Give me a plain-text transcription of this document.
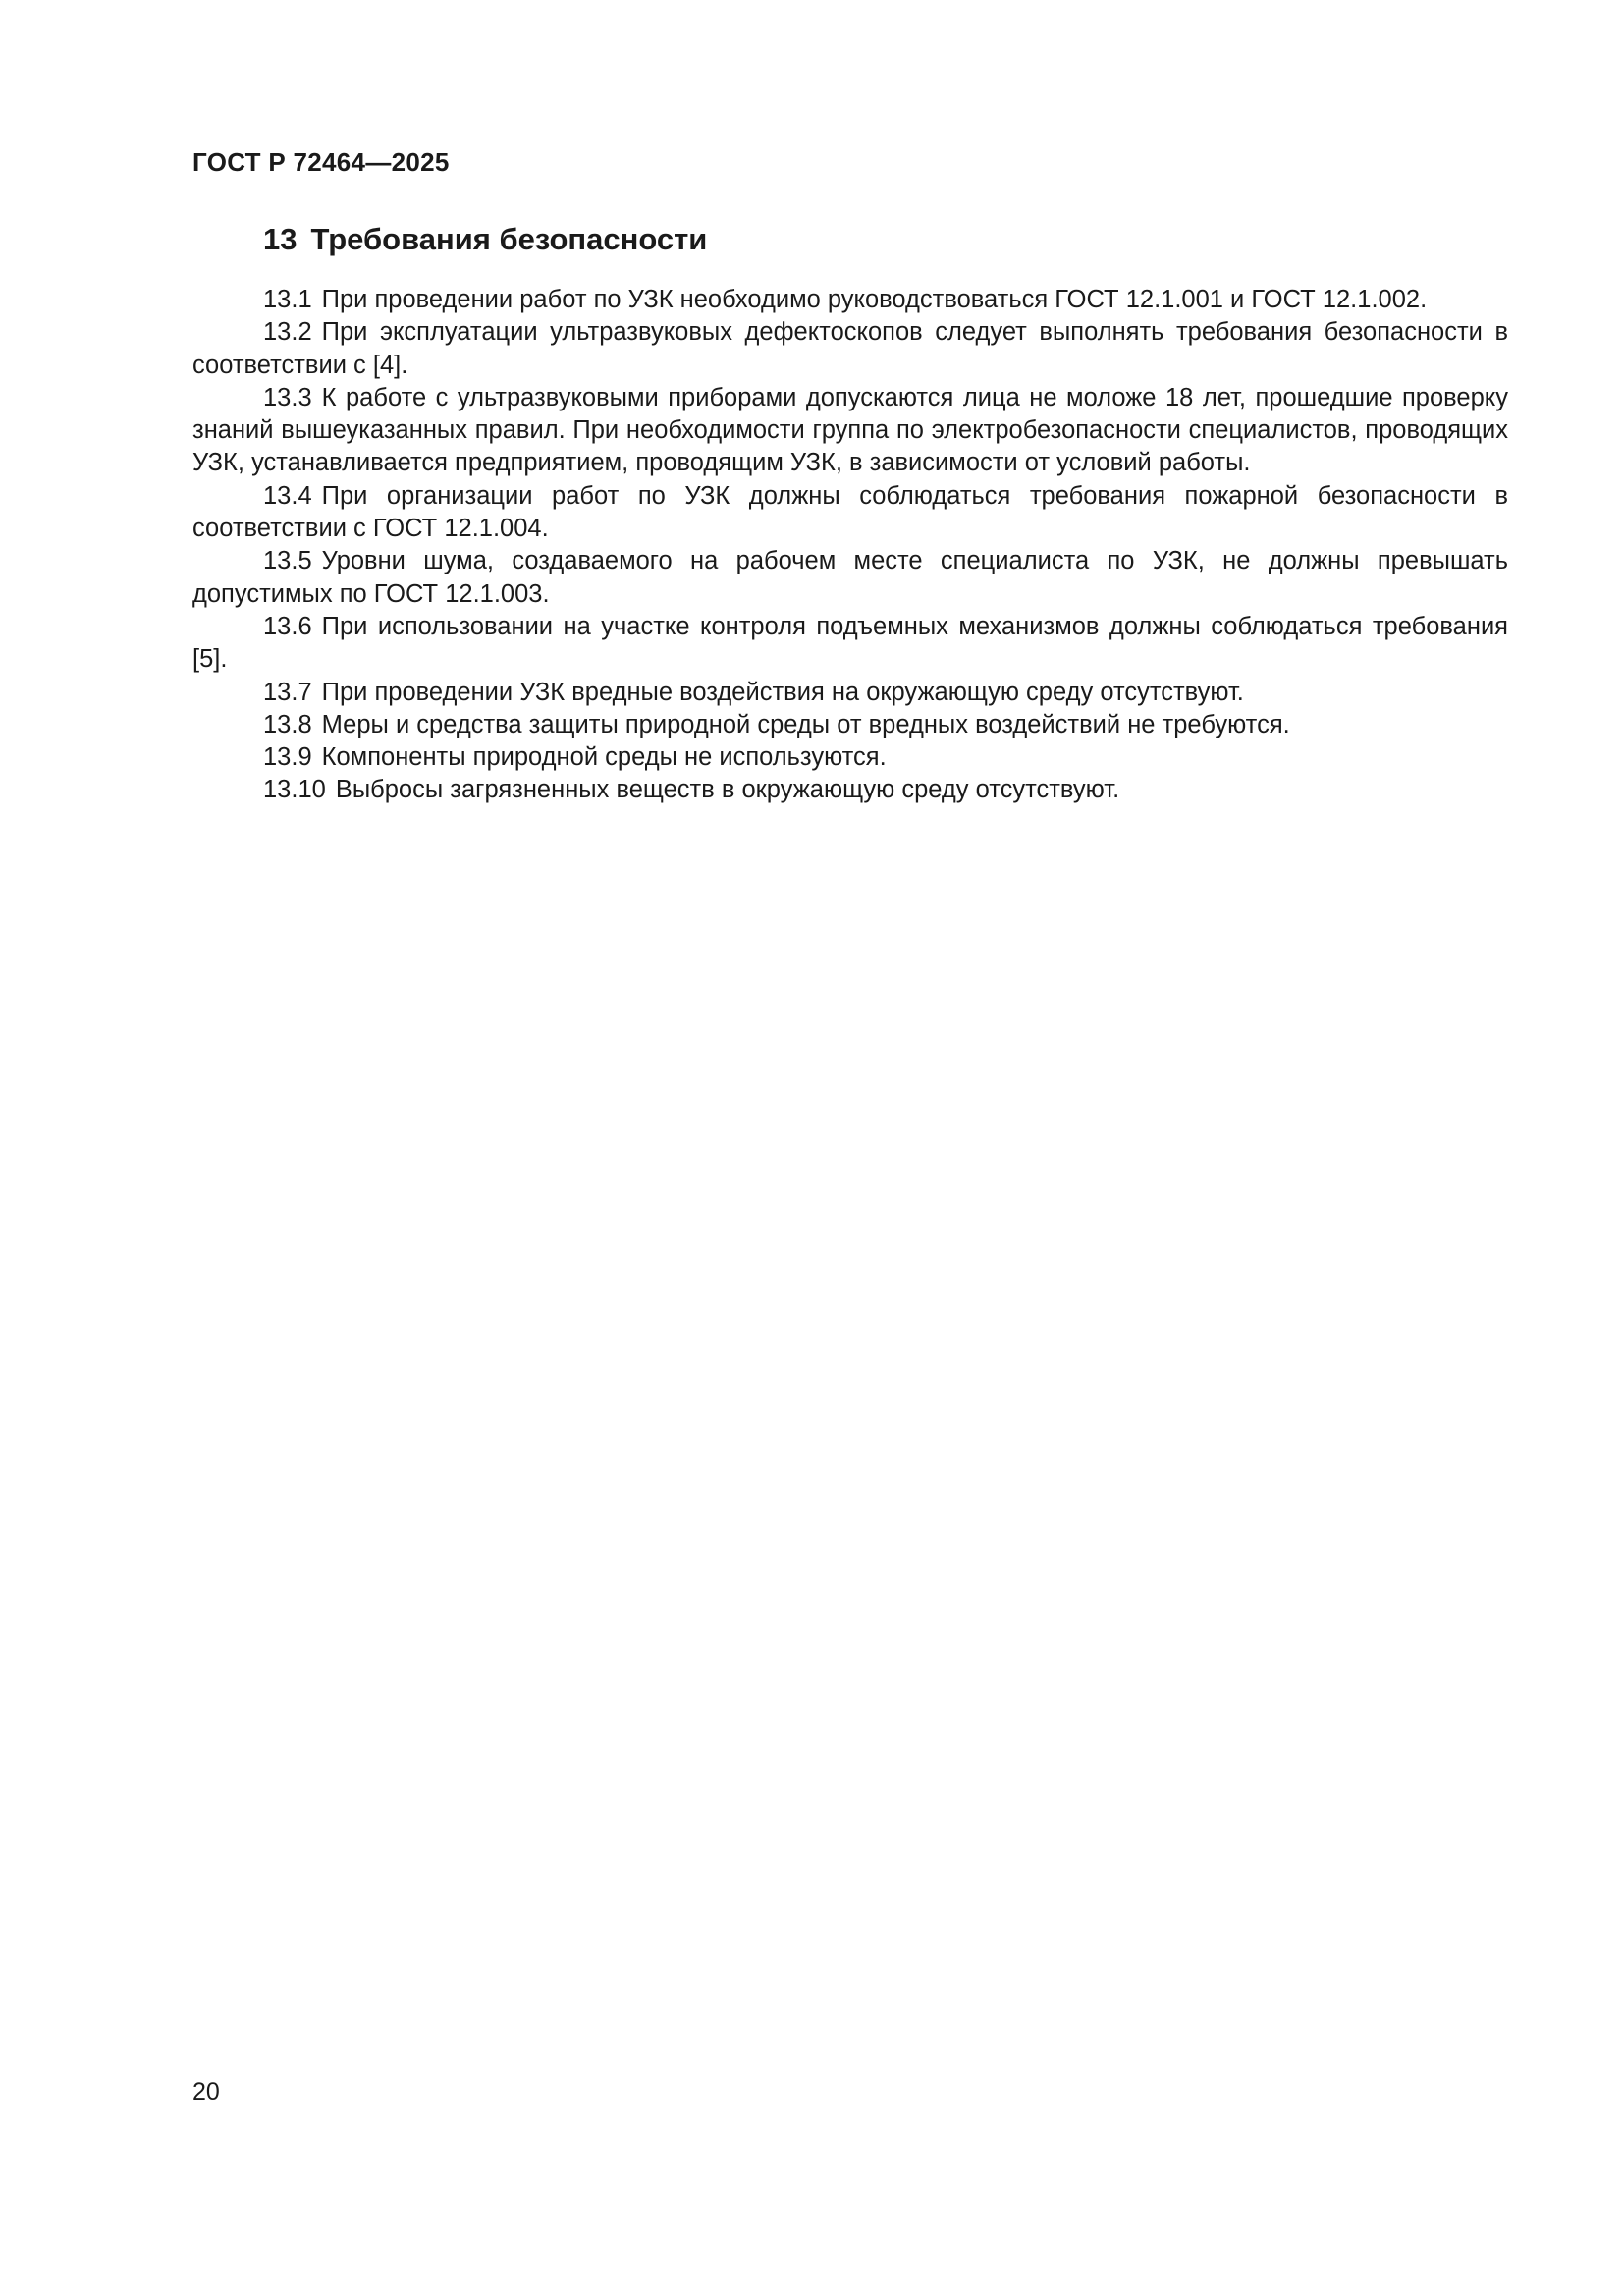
ГОСТ Р 72464—2025
13 Требования безопасности

13.1 При проведении работ по УЗК необходимо руководствоваться ГОСТ 12.1.001 и ГОСТ 12.1.002.

13.2 При эксплуатации ультразвуковых дефектоскопов следует выполнять требования безопасности в соответствии с [4].

13.3 К работе с ультразвуковыми приборами допускаются лица не моложе 18 лет, прошедшие проверку знаний вышеуказанных правил. При необходимости группа по электробезопасности специалистов, проводящих УЗК, устанавливается предприятием, проводящим УЗК, в зависимости от условий работы.

13.4 При организации работ по УЗК должны соблюдаться требования пожарной безопасности в соответствии с ГОСТ 12.1.004.

13.5 Уровни шума, создаваемого на рабочем месте специалиста по УЗК, не должны превышать допустимых по ГОСТ 12.1.003.

13.6 При использовании на участке контроля подъемных механизмов должны соблюдаться требования [5].

13.7 При проведении УЗК вредные воздействия на окружающую среду отсутствуют.

13.8 Меры и средства защиты природной среды от вредных воздействий не требуются.

13.9 Компоненты природной среды не используются.

13.10 Выбросы загрязненных веществ в окружающую среду отсутствуют.

20
